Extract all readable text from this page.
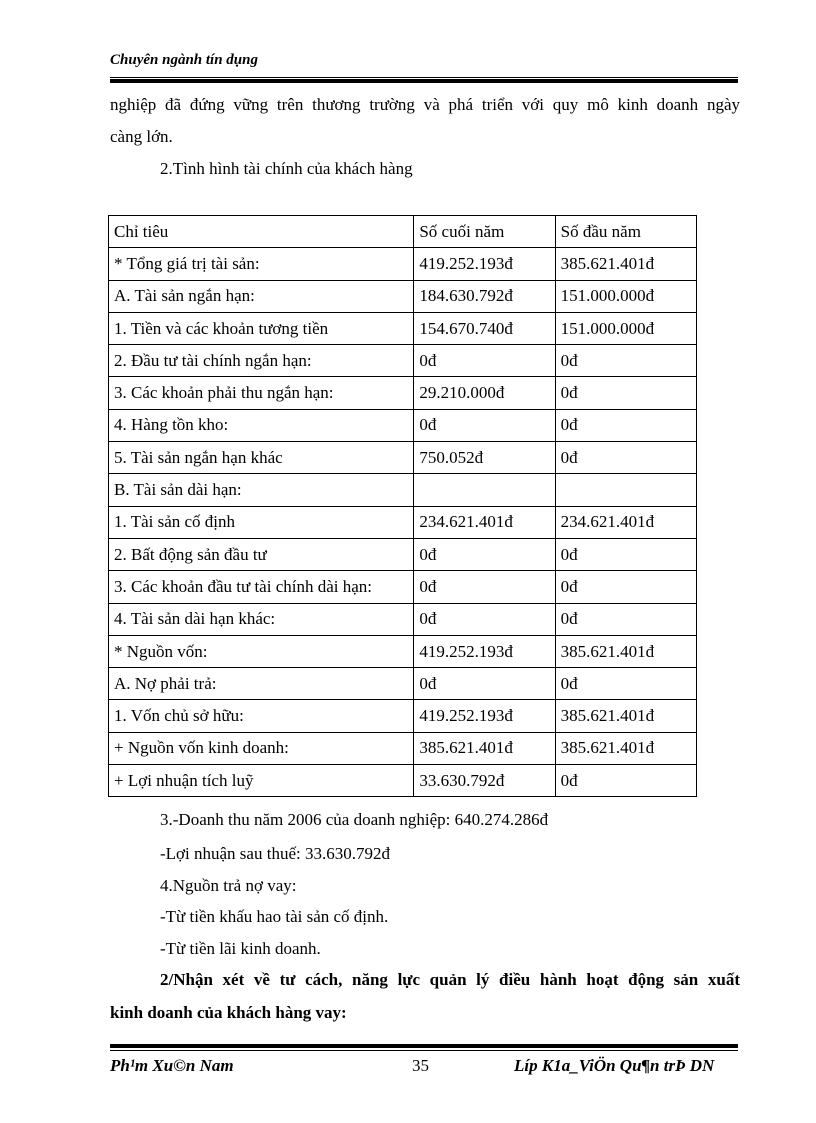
Chuyên ngành tín dụng
nghiệp đã đứng vững trên thương trường và phá triển với quy mô kinh doanh ngày
càng lớn.
2.Tình hình tài chính của khách hàng
Chỉ tiêu	Số cuối năm	Số đầu năm
* Tổng giá trị tài sản:	419.252.193đ	385.621.401đ
A. Tài sản ngắn hạn:	184.630.792đ	151.000.000đ
1. Tiền và các khoản tương tiền	154.670.740đ	151.000.000đ
2. Đầu tư tài chính ngắn hạn:	0đ	0đ
3. Các khoản phải thu ngắn hạn:	29.210.000đ	0đ
4. Hàng tồn kho:	0đ	0đ
5. Tài sản ngắn hạn khác	750.052đ	0đ
B. Tài sản dài hạn:		
1. Tài sản cố định	234.621.401đ	234.621.401đ
2. Bất động sản đầu tư	0đ	0đ
3. Các khoản đầu tư tài chính dài hạn:	0đ	0đ
4. Tài sản dài hạn khác:	0đ	0đ
* Nguồn vốn:	419.252.193đ	385.621.401đ
A. Nợ phải trả:	0đ	0đ
1. Vốn chủ sở hữu:	419.252.193đ	385.621.401đ
+ Nguồn vốn kinh doanh:	385.621.401đ	385.621.401đ
+ Lợi nhuận tích luỹ	33.630.792đ	0đ
3.-Doanh thu năm 2006 của doanh nghiệp: 640.274.286đ
-Lợi nhuận sau thuế: 33.630.792đ
4.Nguồn trả nợ vay:
-Từ tiền khấu hao tài sản cố định.
-Từ tiền lãi kinh doanh.
2/Nhận xét về tư cách, năng lực quản lý điều hành hoạt động sản xuất
kinh doanh của khách hàng vay:
Ph¹m Xu©n Nam	35	Líp K1a_ViÖn Qu¶n trÞ DN
